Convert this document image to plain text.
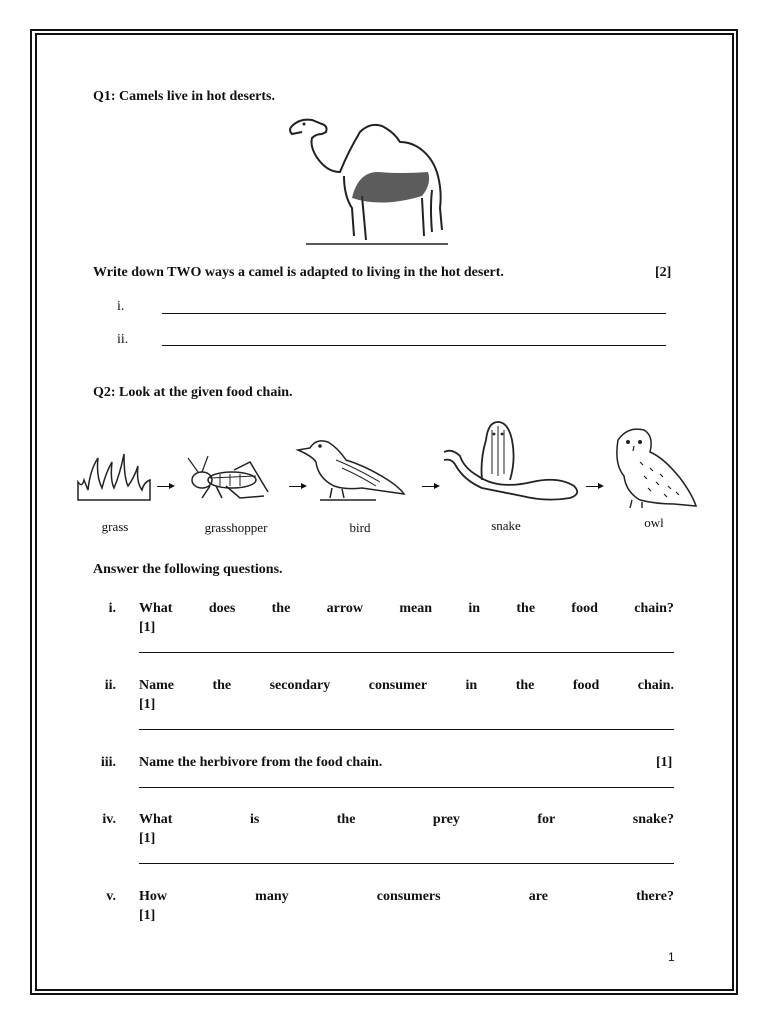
Q1: Camels live in hot deserts.
Write down TWO ways a camel is adapted to living in the hot desert.	[2]
i.
ii.
Q2: Look at the given food chain.
grass	grasshopper	bird	snake	owl
Answer the following questions.
i. What	does	the	arrow	mean	in	the	food	chain?
[1]
ii. Name	the	secondary	consumer	in	the	food	chain.
[1]
iii. Name the herbivore from the food chain.	[1]
iv. What	is	the	prey	for	snake?
[1]
v. How	many	consumers	are	there?
[1]
1
